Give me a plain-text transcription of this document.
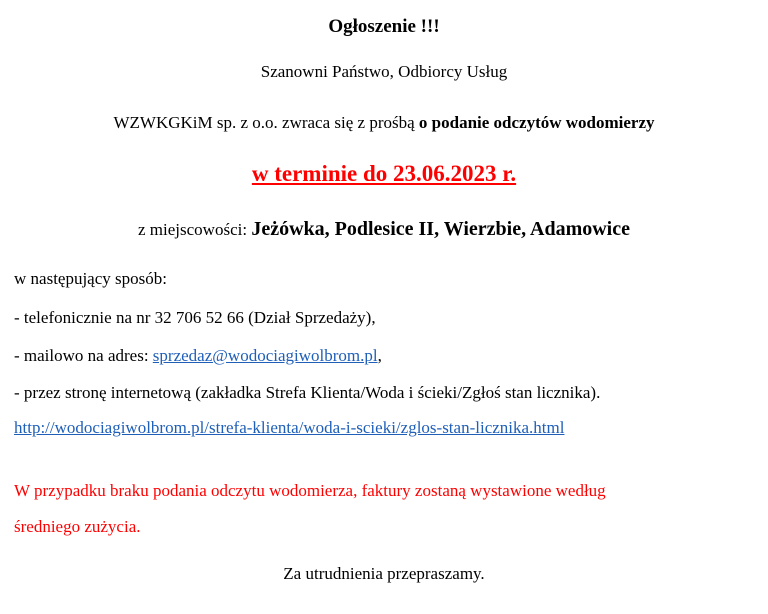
Ogłoszenie !!!
Szanowni Państwo, Odbiorcy Usług
WZWKGKiM sp. z o.o. zwraca się z prośbą o podanie odczytów wodomierzy
w terminie do 23.06.2023 r.
z miejscowości: Jeżówka, Podlesice II, Wierzbie, Adamowice
w następujący sposób:
- telefonicznie na nr 32 706 52 66 (Dział Sprzedaży),
- mailowo na adres: sprzedaz@wodociagiwolbrom.pl,
- przez stronę internetową (zakładka Strefa Klienta/Woda i ścieki/Zgłoś stan licznika).
http://wodociagiwolbrom.pl/strefa-klienta/woda-i-scieki/zglos-stan-licznika.html
W przypadku braku podania odczytu wodomierza, faktury zostaną wystawione według
średniego zużycia.
Za utrudnienia przepraszamy.
